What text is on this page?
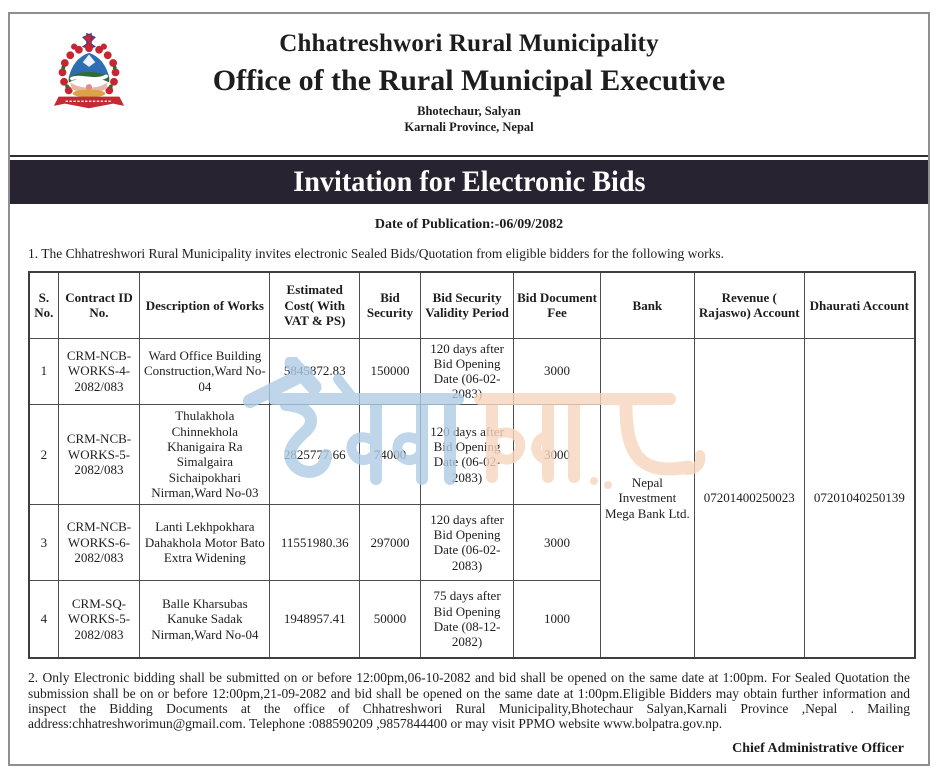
Chhatreshwori Rural Municipality
Office of the Rural Municipal Executive
Bhotechaur, Salyan
Karnali Province, Nepal
Invitation for Electronic Bids
Date of Publication:-06/09/2082
1. The Chhatreshwori Rural Municipality invites electronic Sealed Bids/Quotation from eligible bidders for the following works.
S. No.	Contract ID No.	Description of Works	Estimated Cost( With VAT & PS)	Bid Security	Bid Security Validity Period	Bid Document Fee	Bank	Revenue ( Rajaswo) Account	Dhaurati Account
1	CRM-NCB-WORKS-4-2082/083	Ward Office Building Construction,Ward No-04	5845872.83	150000	120 days after Bid Opening Date (06-02-2083)	3000	Nepal Investment Mega Bank Ltd.	07201400250023	07201040250139
2	CRM-NCB-WORKS-5-2082/083	Thulakhola Chinnekhola Khanigaira Ra Simalgaira Sichaipokhari Nirman,Ward No-03	2825777.66	74000	120 days after Bid Opening Date (06-02-2083)	3000			
3	CRM-NCB-WORKS-6-2082/083	Lanti Lekhpokhara Dahakhola Motor Bato Extra Widening	11551980.36	297000	120 days after Bid Opening Date (06-02-2083)	3000			
4	CRM-SQ-WORKS-5-2082/083	Balle Kharsubas Kanuke Sadak Nirman,Ward No-04	1948957.41	50000	75 days after Bid Opening Date (08-12-2082)	1000			
2. Only Electronic bidding shall be submitted on or before 12:00pm,06-10-2082 and bid shall be opened on the same date at 1:00pm. For Sealed Quotation the submission shall be on or before 12:00pm,21-09-2082 and bid shall be opened on the same date at 1:00pm.Eligible Bidders may obtain further information and inspect the Bidding Documents at the office of Chhatreshwori Rural Municipality,Bhotechaur Salyan,Karnali Province ,Nepal . Mailing address:chhatreshworimun@gmail.com. Telephone :088590209 ,9857844400 or may visit PPMO website www.bolpatra.gov.np.
Chief Administrative Officer
